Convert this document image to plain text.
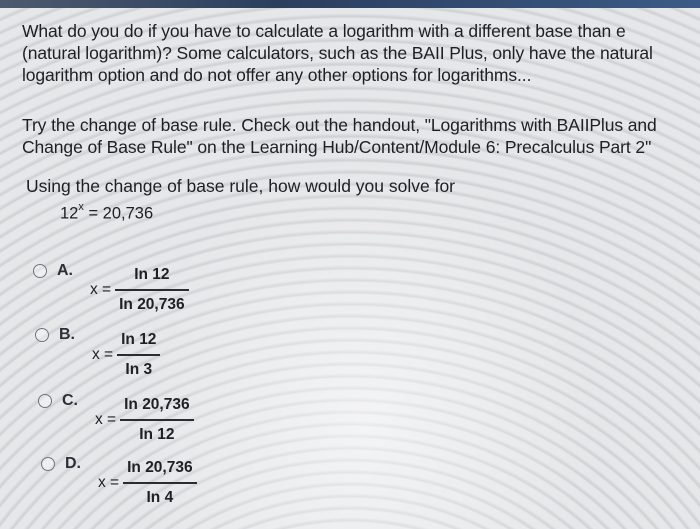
What do you do if you have to calculate a logarithm with a different base than e
(natural logarithm)? Some calculators, such as the BAII Plus, only have the natural
logarithm option and do not offer any other options for logarithms...

Try the change of base rule. Check out the handout, "Logarithms with BAIIPlus and
Change of Base Rule" on the Learning Hub/Content/Module 6: Precalculus Part 2"

Using the change of base rule, how would you solve for
$12^x = 20,736$
A.
$x = \frac{In 12}{In 20,736}$
B.
$x = \frac{In 12}{In 3}$
C.
$x = \frac{In 20,736}{In 12}$
D.
$x = \frac{In 20,736}{In 4}$
